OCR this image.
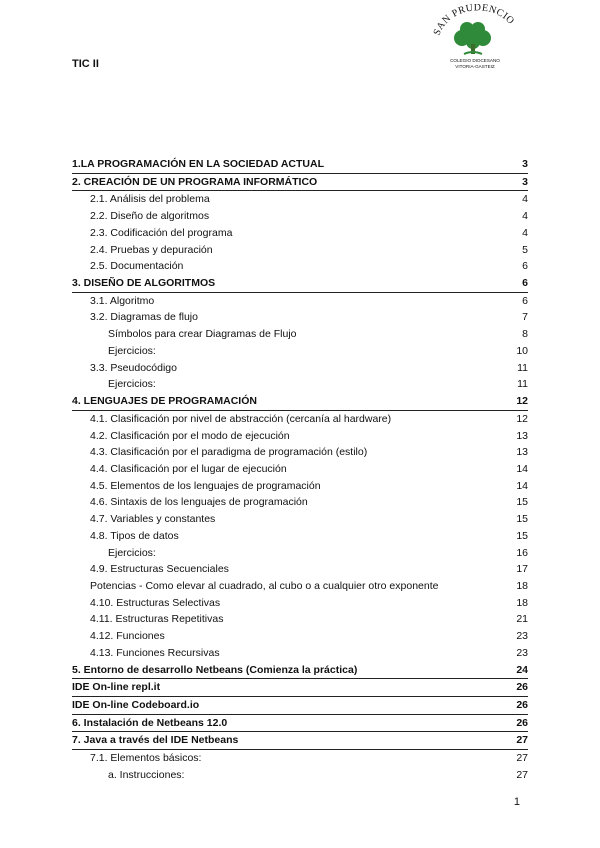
TIC II
SAN PRUDENCIO
COLEGIO DIOCESANO
VITORIA-GASTEIZ
1.LA PROGRAMACIÓN EN LA SOCIEDAD ACTUAL	3
2. CREACIÓN DE UN PROGRAMA INFORMÁTICO	3
2.1. Análisis del problema	4
2.2. Diseño de algoritmos	4
2.3. Codificación del programa	4
2.4. Pruebas y depuración	5
2.5. Documentación	6
3. DISEÑO DE ALGORITMOS	6
3.1. Algoritmo	6
3.2. Diagramas de flujo	7
Símbolos para crear Diagramas de Flujo	8
Ejercicios:	10
3.3. Pseudocódigo	11
Ejercicios:	11
4. LENGUAJES DE PROGRAMACIÓN	12
4.1. Clasificación por nivel de abstracción (cercanía al hardware)	12
4.2. Clasificación por el modo de ejecución	13
4.3. Clasificación por el paradigma de programación (estilo)	13
4.4. Clasificación por el lugar de ejecución	14
4.5. Elementos de los lenguajes de programación	14
4.6. Sintaxis de los lenguajes de programación	15
4.7. Variables y constantes	15
4.8. Tipos de datos	15
Ejercicios:	16
4.9. Estructuras Secuenciales	17
Potencias - Como elevar al cuadrado, al cubo o a cualquier otro exponente	18
4.10. Estructuras Selectivas	18
4.11. Estructuras Repetitivas	21
4.12. Funciones	23
4.13. Funciones Recursivas	23
5. Entorno de desarrollo Netbeans (Comienza la práctica)	24
IDE On-line repl.it	26
IDE On-line Codeboard.io	26
6. Instalación de Netbeans 12.0	26
7. Java a través del IDE Netbeans	27
7.1. Elementos básicos:	27
a. Instrucciones:	27
1
